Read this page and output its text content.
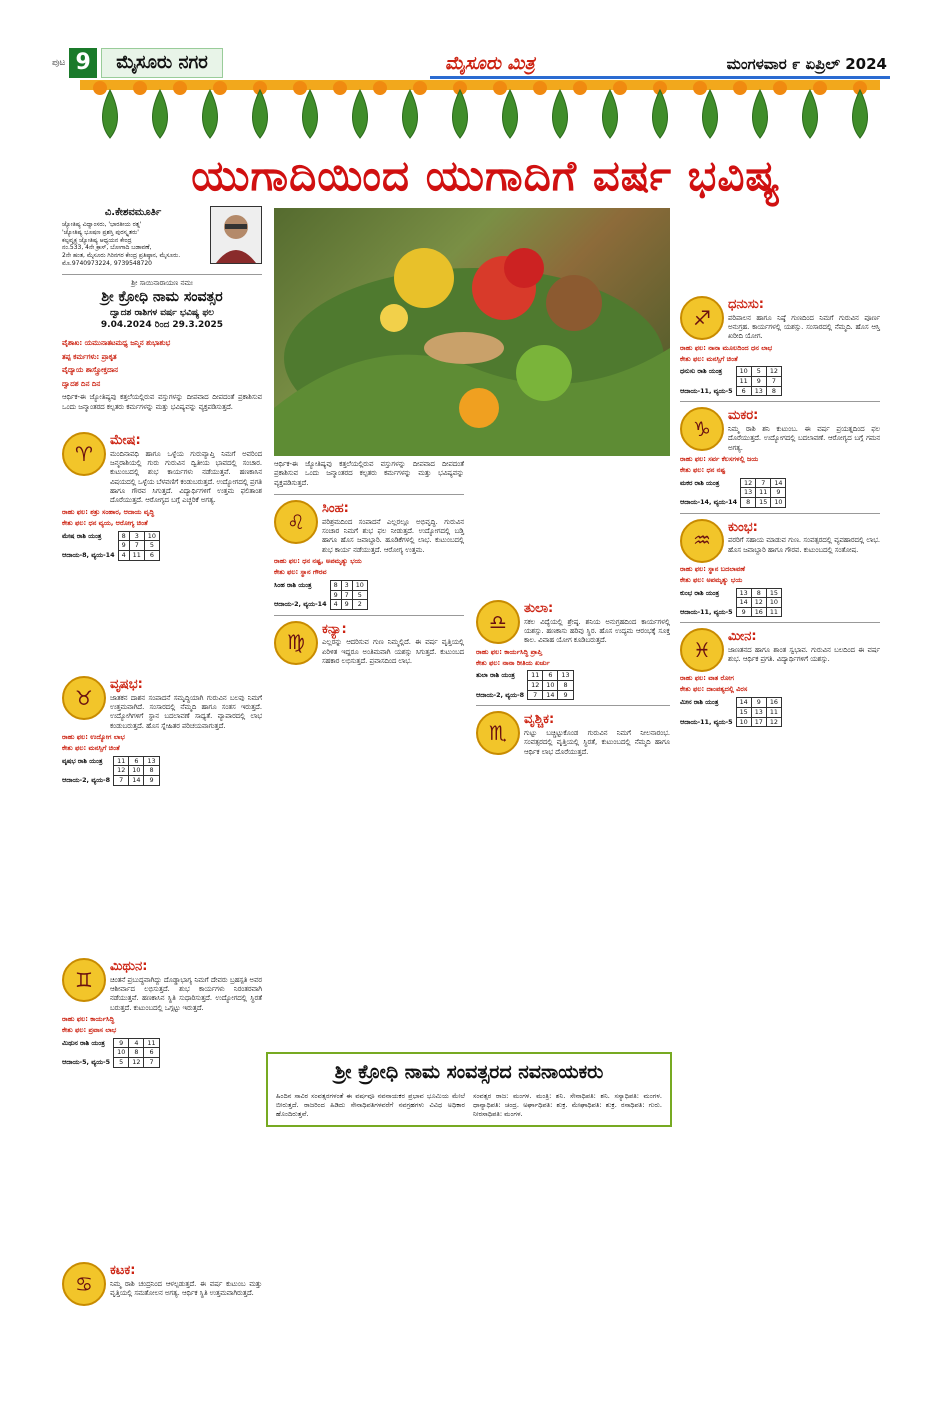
ಪುಟ 9	ಮೈಸೂರು ನಗರ	ಮೈಸೂರು ಮಿತ್ರ	ಮಂಗಳವಾರ ೯ ಏಪ್ರಿಲ್ 2024
ಯುಗಾದಿಯಿಂದ ಯುಗಾದಿಗೆ ವರ್ಷ ಭವಿಷ್ಯ
ವಿ.ಕೇಶವಮೂರ್ತಿ
ಜ್ಯೋತಿಷ್ಯ ವಿದ್ವಾಂಸರು, 'ಭಾರತೀಯ ರತ್ನ'
'ಜ್ಯೋತಿಷ್ಯ ಭೂಷಣ ಪ್ರಶಸ್ತಿ ಪುರಸ್ಕೃತರು'
ಕಲ್ಪವೃಕ್ಷ ಜ್ಯೋತಿಷ್ಯ ಆಧ್ಯಯನ ಕೇಂದ್ರ
ನಂ.533, 4ನೇ ಕ್ರಾಸ್, ಬೋಗಾದಿ ಬಡಾವಣೆ,
2ನೇ ಹಂತ, ಮೈಸೂರು ಗಿರಿನಗರ ಕೇಂದ್ರ ಪ್ರತಿಷ್ಠಾನ, ಮೈಸೂರು.
ಮೊ.9740973224, 9739548720
ಶ್ರೀ ಸಾಯಿನಾರಾಯಣ ನಮಃ
ಶ್ರೀ ಕ್ರೋಧಿ ನಾಮ ಸಂವತ್ಸರ
ದ್ವಾದಶ ರಾಶಿಗಳ ವರ್ಷ ಭವಿಷ್ಯ ಫಲ
9.04.2024 ರಿಂದ 29.3.2025
ವೈಶಾಖ: ಯಮುನಾತಟಮಧ್ಯ ಜನ್ಮಿನ ಶುಭಾಶುಭ
ತಪ್ಪ ಕರ್ಮಗಳು: ಪ್ರಾಕೃತ
ವೈದ್ಯಾಯ ಶಾಸ್ತ್ರೋಕ್ತದಾನ
ದ್ವಾದಶ ದಿನ ದಿನ
ಆರ್ಥಿಕ-ಈ ಜ್ಯೋತಿಷ್ಯವು ಕತ್ತಲೆಯಲ್ಲಿರುವ ವಸ್ತುಗಳನ್ನು ದೀಪವಾದ ದೀಪದಂತೆ ಪ್ರಕಾಶಿಸುವ ಒಂದು ಜನ್ಮಾಂತರದ ಕಲ್ಪತರು ಕರ್ಮಗಳನ್ನು ಮತ್ತು ಭವಿಷ್ಯವನ್ನು ವ್ಯಕ್ತಪಡಿಸುತ್ತದೆ.
♈
ಮೇಷ:
ಮಂದಿನಾವಧಿ ಹಾಗೂ ಒಳ್ಳೆಯ ಗುರುವ್ಯಾಪ್ತಿ ನಿಮಗೆ ಅವರಿಂದ ಜನ್ಮರಾಶಿಯಲ್ಲಿ ಗುರು ಗುರುವಿನ ದ್ವಿತೀಯ ಭಾವದಲ್ಲಿ ಸಂಚಾರ. ಕುಟುಂಬದಲ್ಲಿ ಶುಭ ಕಾರ್ಯಗಳು ನಡೆಯುತ್ತವೆ. ಹಣಕಾಸಿನ ವಿಷಯದಲ್ಲಿ ಒಳ್ಳೆಯ ಬೆಳವಣಿಗೆ ಕಂಡುಬರುತ್ತದೆ. ಉದ್ಯೋಗದಲ್ಲಿ ಪ್ರಗತಿ ಹಾಗೂ ಗೌರವ ಸಿಗುತ್ತದೆ. ವಿದ್ಯಾರ್ಥಿಗಳಿಗೆ ಉತ್ತಮ ಫಲಿತಾಂಶ ದೊರೆಯುತ್ತದೆ. ಆರೋಗ್ಯದ ಬಗ್ಗೆ ಎಚ್ಚರಿಕೆ ಅಗತ್ಯ.
ರಾಹು ಫಲ: ಶತ್ರು ಸಂಹಾರ, ಆದಾಯ ವೃದ್ಧಿ
ಕೇತು ಫಲ: ಧನ ವ್ಯಯ, ಆರೋಗ್ಯ ಚಿಂತೆ
ಮೇಷ ರಾಶಿ ಯಂತ್ರ	8	3	10
	9	7	5
ಆದಾಯ-8, ವ್ಯಯ-14	4	11	6
♉
ವೃಷಭ:
ಜಾತಕನ ದಾಶನ ಸಂಪಾದನೆ ಸಮೃದ್ಧಿಯಾಗಿ ಗುರುವಿನ ಬಲವು ನಿಮಗೆ ಉತ್ತಮವಾಗಿದೆ. ಸಂಸಾರದಲ್ಲಿ ನೆಮ್ಮದಿ ಹಾಗೂ ಸಂತಸ ಇರುತ್ತದೆ. ಉದ್ಯೋಗಿಗಳಿಗೆ ಸ್ಥಾನ ಬದಲಾವಣೆ ಸಾಧ್ಯತೆ. ವ್ಯಾಪಾರದಲ್ಲಿ ಲಾಭ ಕಂಡುಬರುತ್ತದೆ. ಹೊಸ ಸ್ನೇಹಿತರ ಪರಿಚಯವಾಗುತ್ತದೆ.
ರಾಹು ಫಲ: ಉದ್ಯೋಗ ಲಾಭ
ಕೇತು ಫಲ: ಮನಸ್ಸಿಗೆ ಚಿಂತೆ
ವೃಷಭ ರಾಶಿ ಯಂತ್ರ	11	6	13
	12	10	8
ಆದಾಯ-2, ವ್ಯಯ-8	7	14	9
♊
ಮಿಥುನ:
ಚಿಂತನೆ ಪ್ರಬುದ್ಧವಾಗಿದ್ದು ದೊಡ್ಡಾಭಾಗ್ಯ ನಿಮಗೆ ದೇವರು ಬ್ರಹಸ್ಪತಿ ಅವರ ಆಶೀರ್ವಾದ ಲಭಿಸುತ್ತದೆ. ಶುಭ ಕಾರ್ಯಗಳು ನಿರಂತರವಾಗಿ ನಡೆಯುತ್ತವೆ. ಹಣಕಾಸಿನ ಸ್ಥಿತಿ ಸುಧಾರಿಸುತ್ತದೆ. ಉದ್ಯೋಗದಲ್ಲಿ ಸ್ಥಿರತೆ ಬರುತ್ತದೆ. ಕುಟುಂಬದಲ್ಲಿ ಒಗ್ಗಟ್ಟು ಇರುತ್ತದೆ.
ರಾಹು ಫಲ: ಕಾರ್ಯಸಿದ್ಧಿ
ಕೇತು ಫಲ: ಪ್ರವಾಸ ಲಾಭ
ಮಿಥುನ ರಾಶಿ ಯಂತ್ರ	9	4	11
	10	8	6
ಆದಾಯ-5, ವ್ಯಯ-5	5	12	7
♋
ಕಟಕ:
ನಿಮ್ಮ ರಾಶಿ ಚಂದ್ರನಿಂದ ಆಳಲ್ಪಡುತ್ತದೆ. ಈ ವರ್ಷ ಕುಟುಂಬ ಮತ್ತು ವೃತ್ತಿಯಲ್ಲಿ ಸಮತೋಲನ ಅಗತ್ಯ. ಆರ್ಥಿಕ ಸ್ಥಿತಿ ಉತ್ತಮವಾಗಿರುತ್ತದೆ.
ಆರ್ಥಿಕ-ಈ ಜ್ಯೋತಿಷ್ಯವು ಕತ್ತಲೆಯಲ್ಲಿರುವ ವಸ್ತುಗಳನ್ನು ದೀಪವಾದ ದೀಪದಂತೆ ಪ್ರಕಾಶಿಸುವ ಒಂದು ಜನ್ಮಾಂತರದ ಕಲ್ಪತರು ಕರ್ಮಗಳನ್ನು ಮತ್ತು ಭವಿಷ್ಯವನ್ನು ವ್ಯಕ್ತಪಡಿಸುತ್ತದೆ.
♌
ಸಿಂಹ:
ಪರಿಶ್ರಮದಿಂದ ಸಂಪಾದನೆ ಎಲ್ಲರಲ್ಲೂ ಅಭಿವೃದ್ಧಿ. ಗುರುವಿನ ಸಂಚಾರ ನಿಮಗೆ ಶುಭ ಫಲ ನೀಡುತ್ತದೆ. ಉದ್ಯೋಗದಲ್ಲಿ ಬಡ್ತಿ ಹಾಗೂ ಹೊಸ ಜವಾಬ್ದಾರಿ. ಹೂಡಿಕೆಗಳಲ್ಲಿ ಲಾಭ. ಕುಟುಂಬದಲ್ಲಿ ಶುಭ ಕಾರ್ಯ ನಡೆಯುತ್ತದೆ. ಆರೋಗ್ಯ ಉತ್ತಮ.
ರಾಹು ಫಲ: ಧನ ನಷ್ಟ, ಅಪಮೃತ್ಯು ಭಯ
ಕೇತು ಫಲ: ಸ್ಥಾನ ಗೌರವ
ಸಿಂಹ ರಾಶಿ ಯಂತ್ರ	8	3	10
	9	7	5
ಆದಾಯ-2, ವ್ಯಯ-14	4	9	2
♍
ಕನ್ಯಾ:
ಎಲ್ಲರನ್ನು ಆದರಿಸುವ ಗುಣ ನಿಮ್ಮಲ್ಲಿದೆ. ಈ ವರ್ಷ ವೃತ್ತಿಯಲ್ಲಿ ಏರಿಳಿತ ಇದ್ದರೂ ಅಂತಿಮವಾಗಿ ಯಶಸ್ಸು ಸಿಗುತ್ತದೆ. ಕುಟುಂಬದ ಸಹಕಾರ ಲಭಿಸುತ್ತದೆ. ಪ್ರವಾಸದಿಂದ ಲಾಭ.
♎
ತುಲಾ:
ಸಕಲ ವಿದ್ಯೆಯಲ್ಲಿ ಶ್ರೇಷ್ಠ. ಶನಿಯ ಅನುಗ್ರಹದಿಂದ ಕಾರ್ಯಗಳಲ್ಲಿ ಯಶಸ್ಸು. ಹಣಕಾಸು ಹರಿವು ಸ್ಥಿರ. ಹೊಸ ಉದ್ಯಮ ಆರಂಭಕ್ಕೆ ಸೂಕ್ತ ಕಾಲ. ವಿವಾಹ ಯೋಗ ಕೂಡಿಬರುತ್ತದೆ.
ರಾಹು ಫಲ: ಕಾರ್ಯಸಿದ್ಧಿ ಪ್ರಾಪ್ತಿ
ಕೇತು ಫಲ: ನಾನಾ ರೀತಿಯ ಖರ್ಚು
ತುಲಾ ರಾಶಿ ಯಂತ್ರ	11	6	13
	12	10	8
ಆದಾಯ-2, ವ್ಯಯ-8	7	14	9
♏
ವೃಶ್ಚಿಕ:
ಗುಟ್ಟು ಬಚ್ಚಿಟ್ಟುಕೊಂಡ ಗುರುವಿನ ನಿಮಗೆ ನೀಲನಾರಂಭ. ಸಂವತ್ಸರದಲ್ಲಿ ವೃತ್ತಿಯಲ್ಲಿ ಸ್ಥಿರತೆ, ಕುಟುಂಬದಲ್ಲಿ ನೆಮ್ಮದಿ ಹಾಗೂ ಆರ್ಥಿಕ ಲಾಭ ದೊರೆಯುತ್ತದೆ.
♐
ಧನುಸು:
ಪರಿಪಾಲನ ಹಾಗೂ ನಿಷ್ಠೆ ಗುಣದಿಂದ ನಿಮಗೆ ಗುರುವಿನ ಪೂರ್ಣ ಅನುಗ್ರಹ. ಕಾರ್ಯಗಳಲ್ಲಿ ಯಶಸ್ಸು. ಸಂಸಾರದಲ್ಲಿ ನೆಮ್ಮದಿ. ಹೊಸ ಆಸ್ತಿ ಖರೀದಿ ಯೋಗ.
ರಾಹು ಫಲ: ನಾನಾ ಮೂಲದಿಂದ ಧನ ಲಾಭ
ಕೇತು ಫಲ: ಮನಸ್ಸಿಗೆ ಚಿಂತೆ
ಧನುಸು ರಾಶಿ ಯಂತ್ರ	10	5	12
	11	9	7
ಆದಾಯ-11, ವ್ಯಯ-5	6	13	8
♑
ಮಕರ:
ನಿಮ್ಮ ರಾಶಿ ಶನಿ ಕುಟುಂಬ. ಈ ವರ್ಷ ಪ್ರಯತ್ನದಿಂದ ಫಲ ದೊರೆಯುತ್ತದೆ. ಉದ್ಯೋಗದಲ್ಲಿ ಬದಲಾವಣೆ. ಆರೋಗ್ಯದ ಬಗ್ಗೆ ಗಮನ ಅಗತ್ಯ.
ರಾಹು ಫಲ: ಸರ್ವ ಕೆಲಸಗಳಲ್ಲಿ ಜಯ
ಕೇತು ಫಲ: ಧನ ನಷ್ಟ
ಮಕರ ರಾಶಿ ಯಂತ್ರ	12	7	14
	13	11	9
ಆದಾಯ-14, ವ್ಯಯ-14	8	15	10
♒
ಕುಂಭ:
ಪರರಿಗೆ ಸಹಾಯ ಮಾಡುವ ಗುಣ. ಸಂವತ್ಸರದಲ್ಲಿ ವ್ಯವಹಾರದಲ್ಲಿ ಲಾಭ. ಹೊಸ ಜವಾಬ್ದಾರಿ ಹಾಗೂ ಗೌರವ. ಕುಟುಂಬದಲ್ಲಿ ಸಂತೋಷ.
ರಾಹು ಫಲ: ಸ್ಥಾನ ಬದಲಾವಣೆ
ಕೇತು ಫಲ: ಅಪಮೃತ್ಯು ಭಯ
ಕುಂಭ ರಾಶಿ ಯಂತ್ರ	13	8	15
	14	12	10
ಆದಾಯ-11, ವ್ಯಯ-5	9	16	11
♓
ಮೀನ:
ಜಾಣತನದ ಹಾಗೂ ಶಾಂತ ಸ್ವಭಾವ. ಗುರುವಿನ ಬಲದಿಂದ ಈ ವರ್ಷ ಶುಭ. ಆರ್ಥಿಕ ಪ್ರಗತಿ. ವಿದ್ಯಾರ್ಥಿಗಳಿಗೆ ಯಶಸ್ಸು.
ರಾಹು ಫಲ: ವಾತ ರೋಗ
ಕೇತು ಫಲ: ದಾಂಪತ್ಯದಲ್ಲಿ ವಿರಸ
ಮೀನ ರಾಶಿ ಯಂತ್ರ	14	9	16
	15	13	11
ಆದಾಯ-11, ವ್ಯಯ-5	10	17	12
ಶ್ರೀ ಕ್ರೋಧಿ ನಾಮ ಸಂವತ್ಸರದ ನವನಾಯಕರು
ಹಿಂದಿನ ಸಾವಿರ ಸಂವತ್ಸರಗಳಂತೆ ಈ ವರ್ಷವೂ ನವನಾಯಕರ ಪ್ರಭಾವ ಭೂಮಿಯ ಮೇಲೆ ಬೀರುತ್ತದೆ. ರಾಜರಿಂದ ಹಿಡಿದು ಸೇನಾಧಿಪತಿಗಳವರೆಗೆ ನವಗ್ರಹಗಳು ವಿವಿಧ ಅಧಿಕಾರ ಹೊಂದಿರುತ್ತವೆ.
ಸಂವತ್ಸರ ರಾಜ: ಮಂಗಳ. ಮಂತ್ರಿ: ಶನಿ. ಸೇನಾಧಿಪತಿ: ಶನಿ. ಸಸ್ಯಾಧಿಪತಿ: ಮಂಗಳ. ಧಾನ್ಯಾಧಿಪತಿ: ಚಂದ್ರ. ಅರ್ಘಾಧಿಪತಿ: ಶುಕ್ರ. ಮೇಘಾಧಿಪತಿ: ಶುಕ್ರ. ರಸಾಧಿಪತಿ: ಗುರು. ನೀರಸಾಧಿಪತಿ: ಮಂಗಳ.
